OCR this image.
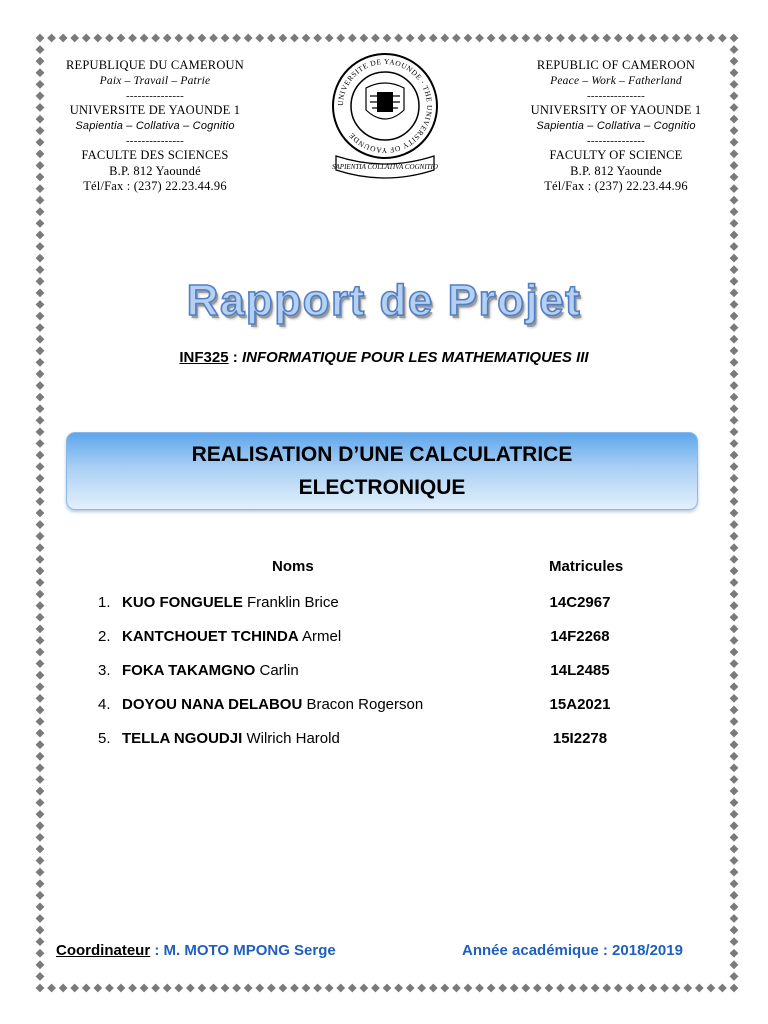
REPUBLIQUE DU CAMEROUN
Paix – Travail – Patrie
---------------
UNIVERSITE DE YAOUNDE 1
Sapientia – Collativa – Cognitio
---------------
FACULTE DES SCIENCES
B.P. 812 Yaoundé
Tél/Fax : (237) 22.23.44.96
REPUBLIC OF CAMEROON
Peace – Work – Fatherland
---------------
UNIVERSITY OF YAOUNDE 1
Sapientia – Collativa – Cognitio
---------------
FACULTY OF SCIENCE
B.P. 812 Yaounde
Tél/Fax : (237) 22.23.44.96
UNIVERSITE DE YAOUNDE · THE UNIVERSITY OF YAOUNDE
SAPIENTIA COLLATIVA COGNITIO
Rapport de Projet
INF325 : INFORMATIQUE POUR LES MATHEMATIQUES III
REALISATION D’UNE CALCULATRICE
ELECTRONIQUE
Noms	Matricules
1. KUO FONGUELE Franklin Brice	14C2967
2. KANTCHOUET TCHINDA Armel	14F2268
3. FOKA TAKAMGNO Carlin	14L2485
4. DOYOU NANA DELABOU Bracon Rogerson	15A2021
5. TELLA NGOUDJI Wilrich Harold	15I2278
Coordinateur : M. MOTO MPONG Serge	Année académique : 2018/2019
